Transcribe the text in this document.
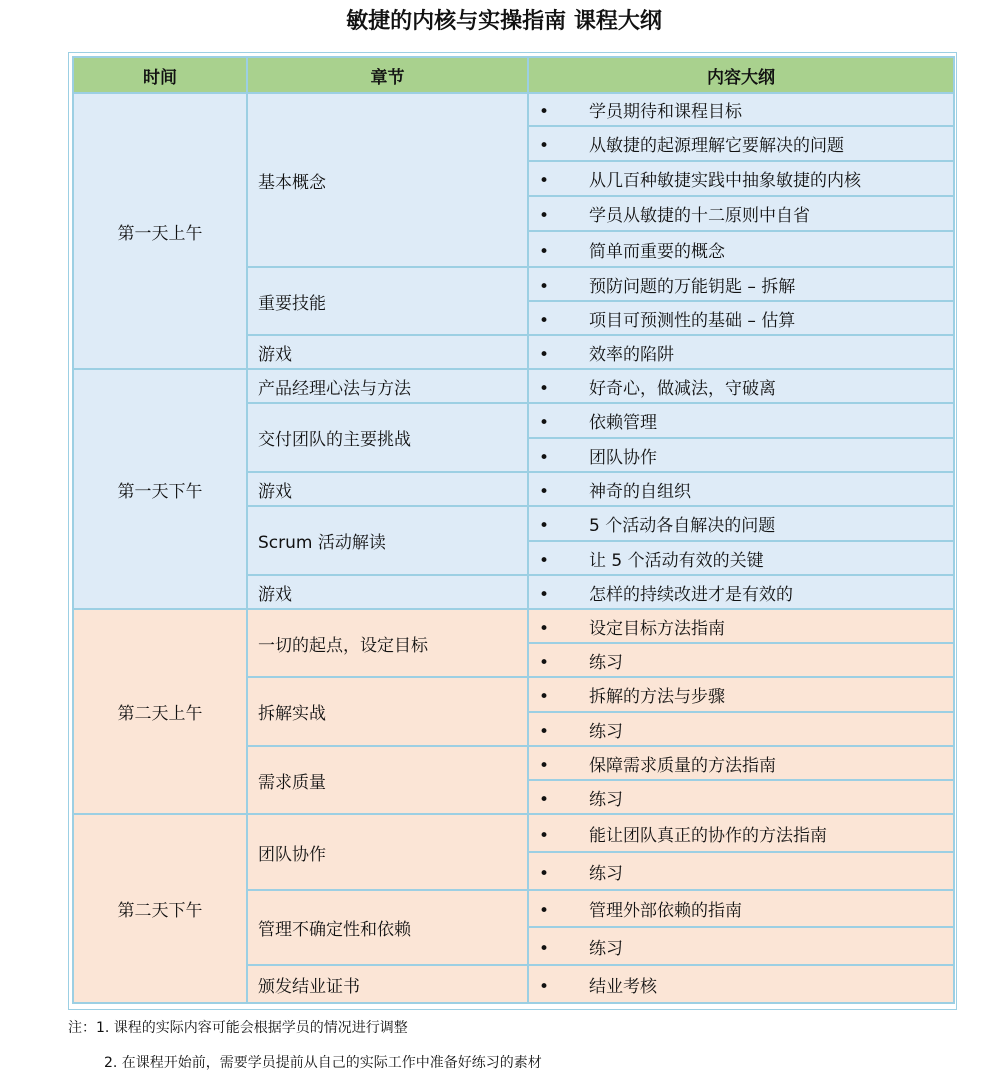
敏捷的内核与实操指南 课程大纲
时间	章节	内容大纲
第一天上午	基本概念	• 学员期待和课程目标
		• 从敏捷的起源理解它要解决的问题
		• 从几百种敏捷实践中抽象敏捷的内核
		• 学员从敏捷的十二原则中自省
		• 简单而重要的概念
	重要技能	• 预防问题的万能钥匙 – 拆解
		• 项目可预测性的基础 – 估算
	游戏	• 效率的陷阱
第一天下午	产品经理心法与方法	• 好奇心，做减法，守破离
	交付团队的主要挑战	• 依赖管理
		• 团队协作
	游戏	• 神奇的自组织
	Scrum 活动解读	• 5 个活动各自解决的问题
		• 让 5 个活动有效的关键
	游戏	• 怎样的持续改进才是有效的
第二天上午	一切的起点，设定目标	• 设定目标方法指南
		• 练习
	拆解实战	• 拆解的方法与步骤
		• 练习
	需求质量	• 保障需求质量的方法指南
		• 练习
第二天下午	团队协作	• 能让团队真正的协作的方法指南
		• 练习
	管理不确定性和依赖	• 管理外部依赖的指南
		• 练习
	颁发结业证书	• 结业考核
注：1. 课程的实际内容可能会根据学员的情况进行调整
2. 在课程开始前，需要学员提前从自己的实际工作中准备好练习的素材
